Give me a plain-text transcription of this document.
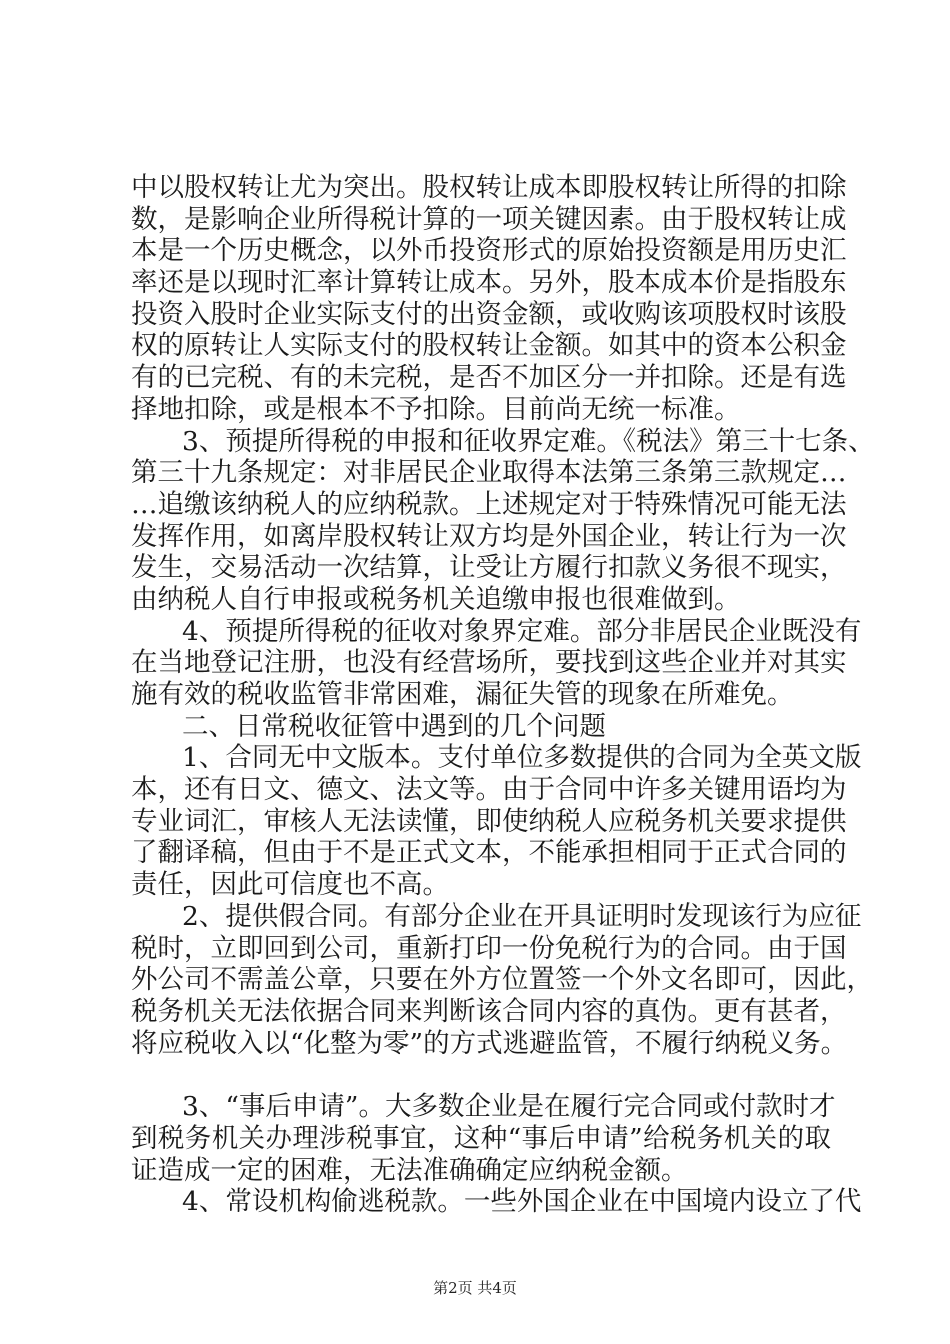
中以股权转让尤为突出。股权转让成本即股权转让所得的扣除
数，是影响企业所得税计算的一项关键因素。由于股权转让成
本是一个历史概念，以外币投资形式的原始投资额是用历史汇
率还是以现时汇率计算转让成本。另外，股本成本价是指股东
投资入股时企业实际支付的出资金额，或收购该项股权时该股
权的原转让人实际支付的股权转让金额。如其中的资本公积金
有的已完税、有的未完税，是否不加区分一并扣除。还是有选
择地扣除，或是根本不予扣除。目前尚无统一标准。
3、预提所得税的申报和征收界定难。《税法》第三十七条、
第三十九条规定：对非居民企业取得本法第三条第三款规定…
…追缴该纳税人的应纳税款。上述规定对于特殊情况可能无法
发挥作用，如离岸股权转让双方均是外国企业，转让行为一次
发生，交易活动一次结算，让受让方履行扣款义务很不现实，
由纳税人自行申报或税务机关追缴申报也很难做到。
4、预提所得税的征收对象界定难。部分非居民企业既没有
在当地登记注册，也没有经营场所，要找到这些企业并对其实
施有效的税收监管非常困难，漏征失管的现象在所难免。
二、日常税收征管中遇到的几个问题
1、合同无中文版本。支付单位多数提供的合同为全英文版
本，还有日文、德文、法文等。由于合同中许多关键用语均为
专业词汇，审核人无法读懂，即使纳税人应税务机关要求提供
了翻译稿，但由于不是正式文本，不能承担相同于正式合同的
责任，因此可信度也不高。
2、提供假合同。有部分企业在开具证明时发现该行为应征
税时，立即回到公司，重新打印一份免税行为的合同。由于国
外公司不需盖公章，只要在外方位置签一个外文名即可，因此，
税务机关无法依据合同来判断该合同内容的真伪。更有甚者，
将应税收入以“化整为零”的方式逃避监管，不履行纳税义务。
3、“事后申请”。大多数企业是在履行完合同或付款时才
到税务机关办理涉税事宜，这种“事后申请”给税务机关的取
证造成一定的困难，无法准确确定应纳税金额。
4、常设机构偷逃税款。一些外国企业在中国境内设立了代
第2页 共4页
